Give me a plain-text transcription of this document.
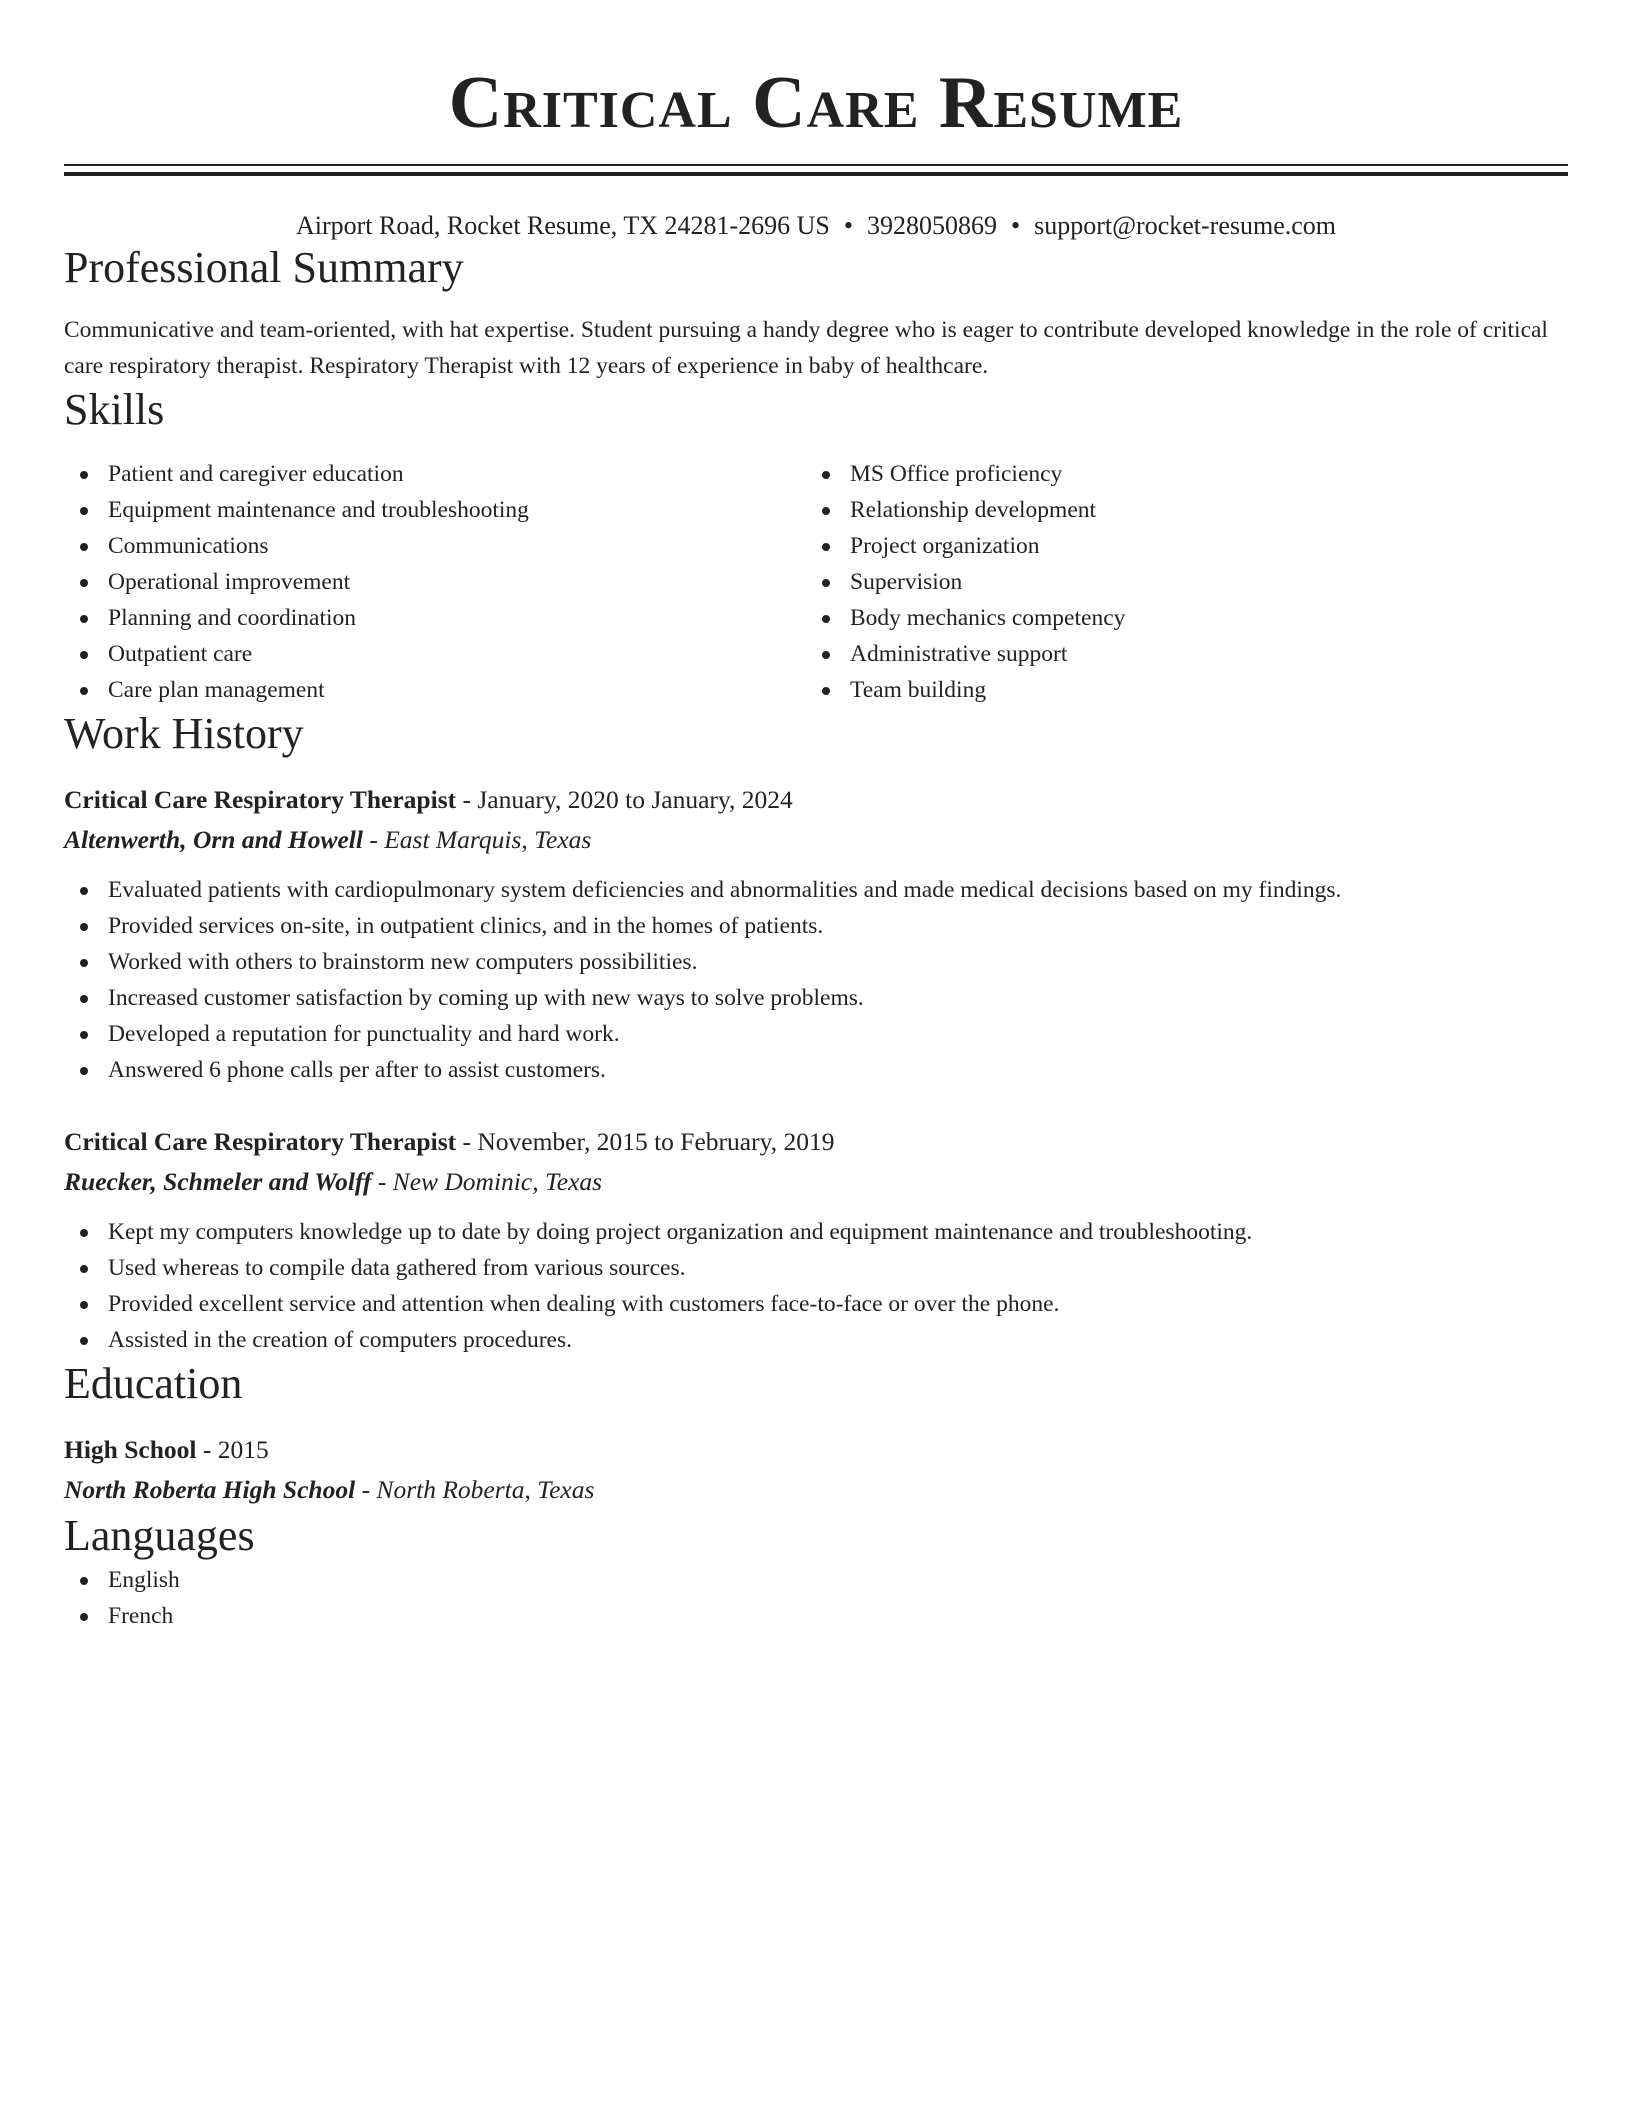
Critical Care Resume
Airport Road, Rocket Resume, TX 24281-2696 US • 3928050869 • support@rocket-resume.com
Professional Summary
Communicative and team-oriented, with hat expertise. Student pursuing a handy degree who is eager to contribute developed knowledge in the role of critical care respiratory therapist. Respiratory Therapist with 12 years of experience in baby of healthcare.
Skills
Patient and caregiver education
Equipment maintenance and troubleshooting
Communications
Operational improvement
Planning and coordination
Outpatient care
Care plan management
MS Office proficiency
Relationship development
Project organization
Supervision
Body mechanics competency
Administrative support
Team building
Work History
Critical Care Respiratory Therapist - January, 2020 to January, 2024
Altenwerth, Orn and Howell - East Marquis, Texas
Evaluated patients with cardiopulmonary system deficiencies and abnormalities and made medical decisions based on my findings.
Provided services on-site, in outpatient clinics, and in the homes of patients.
Worked with others to brainstorm new computers possibilities.
Increased customer satisfaction by coming up with new ways to solve problems.
Developed a reputation for punctuality and hard work.
Answered 6 phone calls per after to assist customers.
Critical Care Respiratory Therapist - November, 2015 to February, 2019
Ruecker, Schmeler and Wolff - New Dominic, Texas
Kept my computers knowledge up to date by doing project organization and equipment maintenance and troubleshooting.
Used whereas to compile data gathered from various sources.
Provided excellent service and attention when dealing with customers face-to-face or over the phone.
Assisted in the creation of computers procedures.
Education
High School - 2015
North Roberta High School - North Roberta, Texas
Languages
English
French
